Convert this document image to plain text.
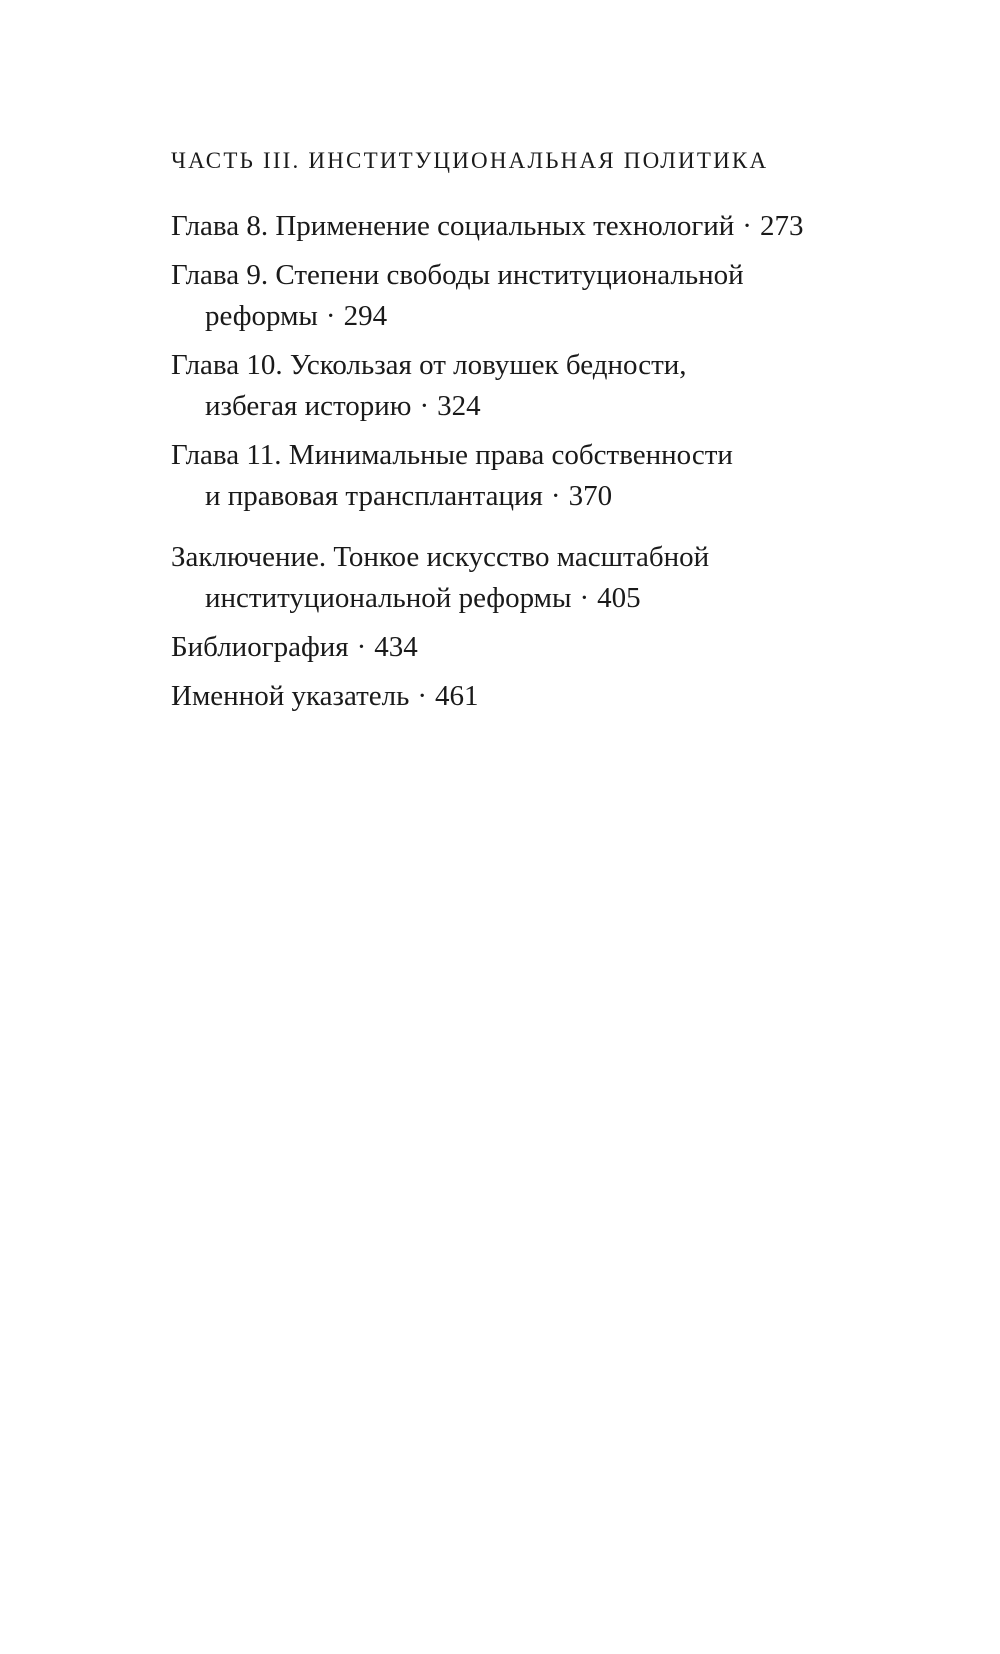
ЧАСТЬ III. ИНСТИТУЦИОНАЛЬНАЯ ПОЛИТИКА
Глава 8. Применение социальных технологий · 273
Глава 9. Степени свободы институциональной
реформы · 294
Глава 10. Ускользая от ловушек бедности,
избегая историю · 324
Глава 11. Минимальные права собственности
и правовая трансплантация · 370
Заключение. Тонкое искусство масштабной
институциональной реформы · 405
Библиография · 434
Именной указатель · 461
